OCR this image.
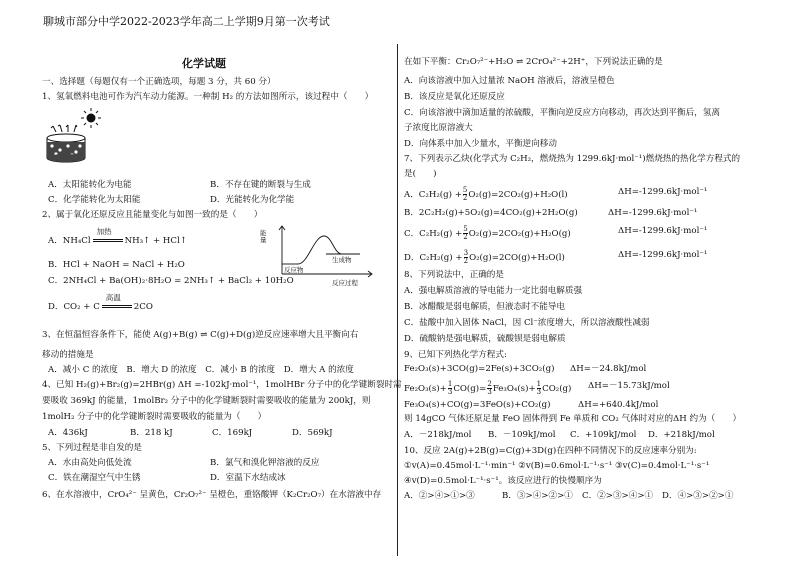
聊城市部分中学2022-2023学年高二上学期9月第一次考试
化学试题
一、选择题（每题仅有一个正确选项，每题 3 分，共 60 分）
1、氢氧燃料电池可作为汽车动力能源。一种制 H₂ 的方法如图所示，该过程中（　　）
A．太阳能转化为电能	B．不存在键的断裂与生成
C．化学能转化为太阳能	D．光能转化为化学能
2、属于氧化还原反应且能量变化与如图一致的是（　　）
A．NH₄Cl
加热
NH₃↑ + HCl↑
B．HCl + NaOH = NaCl + H₂O
C．2NH₄Cl + Ba(OH)₂·8H₂O = 2NH₃↑ + BaCl₂ + 10H₂O
D．CO₂ + C
高温
2CO
能量
反应物
生成物
反应过程
3、在恒温恒容条件下，能使 A(g)+B(g) ⇌ C(g)+D(g)逆反应速率增大且平衡向右
移动的措施是
A．减小 C 的浓度　B．增大 D 的浓度　C．减小 B 的浓度　D．增大 A 的浓度
4、已知 H₂(g)+Br₂(g)=2HBr(g) ΔH =-102kJ·mol⁻¹，1molHBr 分子中的化学键断裂时需
要吸收 369kJ 的能量，1molBr₂ 分子中的化学键断裂时需要吸收的能量为 200kJ，则
1molH₂ 分子中的化学键断裂时需要吸收的能量为（　　）
A．436kJ	B．218 kJ	C．169kJ	D．569kJ
5、下列过程是非自发的是
A．水由高处向低处流	B．氯气和溴化钾溶液的反应
C．铁在潮湿空气中生锈	D．室温下水结成冰
6、在水溶液中，CrO₄²⁻ 呈黄色，Cr₂O₇²⁻ 呈橙色，重铬酸钾（K₂Cr₂O₇）在水溶液中存
在如下平衡：Cr₂O₇²⁻+H₂O ⇌ 2CrO₄²⁻+2H⁺，下列说法正确的是
A．向该溶液中加入过量浓 NaOH 溶液后，溶液呈橙色
B．该反应是氧化还原反应
C．向该溶液中滴加适量的浓硫酸，平衡向逆反应方向移动，再次达到平衡后，氢离
子浓度比原溶液大
D．向体系中加入少量水，平衡逆向移动
7、下列表示乙炔(化学式为 C₂H₂，燃烧热为 1299.6kJ·mol⁻¹)燃烧热的热化学方程式的
是(　　)
A．$C_2H_2(g) + \frac{5}{2} O_2(g)=2CO_2(g)+H_2O(l)$	ΔH=-1299.6kJ·mol⁻¹
B．2C₂H₂(g)+5O₂(g)=4CO₂(g)+2H₂O(g)	ΔH=-1299.6kJ·mol⁻¹
C．$C_2H_2(g) + \frac{5}{2} O_2(g)=2CO_2(g)+H_2O(g)$	ΔH=-1299.6kJ·mol⁻¹
D．$C_2H_2(g) + \frac{3}{2} O_2(g)=2CO(g)+H_2O(l)$	ΔH=-1299.6kJ·mol⁻¹
8、下列说法中，正确的是
A．强电解质溶液的导电能力一定比弱电解质强
B．冰醋酸是弱电解质，但液态时不能导电
C．盐酸中加入固体 NaCl，因 Cl⁻浓度增大，所以溶液酸性减弱
D．硫酸钠是强电解质，硫酸钡是弱电解质
9、已知下列热化学方程式:
Fe₂O₃(s)+3CO(g)=2Fe(s)+3CO₂(g) ΔH=－24.8kJ/mol
$Fe_2O_3(s)+ \frac{1}{3} CO(g)= \frac{2}{3} Fe_3O_4(s)+ \frac{1}{3} CO_2(g)$ ΔH=－15.73kJ/mol
Fe₃O₄(s)+CO(g)=3FeO(s)+CO₂(g)	ΔH=+640.4kJ/mol
则 14gCO 气体还原足量 FeO 固体得到 Fe 单质和 CO₂ 气体时对应的ΔH 约为（　　）
A．－218kJ/mol B．－109kJ/mol C．+109kJ/mol D．+218kJ/mol
10、反应 2A(g)+2B(g)=C(g)+3D(g)在四种不同情况下的反应速率分别为:
①v(A)=0.45mol·L⁻¹·min⁻¹ ②v(B)=0.6mol·L⁻¹·s⁻¹ ③v(C)=0.4mol·L⁻¹·s⁻¹
④v(D)=0.5mol·L⁻¹·s⁻¹。该反应进行的快慢顺序为
A．②>④>①>③	B．③>④>②>① C．②>③>④>① D．④>③>②>①
